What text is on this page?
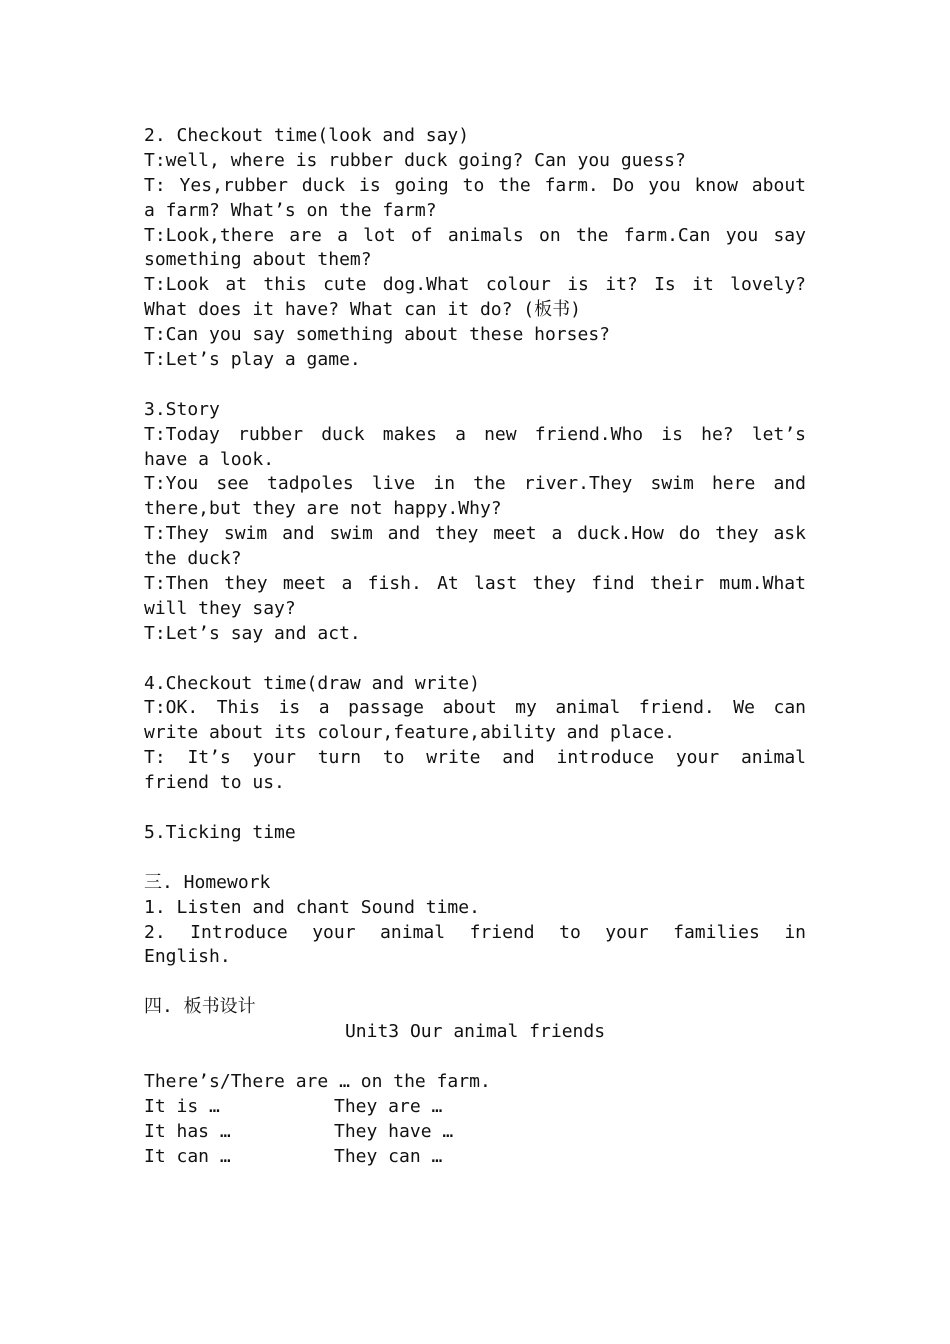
2. Checkout time(look and say)
T:well, where is rubber duck going? Can you guess?
T: Yes,rubber duck is going to the farm. Do you know about
a farm? What’s on the farm?
T:Look,there are a lot of animals on the farm.Can you say
something about them?
T:Look at this cute dog.What colour is it? Is it lovely?
What does it have? What can it do? (板书)
T:Can you say something about these horses?
T:Let’s play a game.
3.Story
T:Today rubber duck makes a new friend.Who is he? let’s
have a look.
T:You see tadpoles live in the river.They swim here and
there,but they are not happy.Why?
T:They swim and swim and they meet a duck.How do they ask
the duck?
T:Then they meet a fish. At last they find their mum.What
will they say?
T:Let’s say and act.
4.Checkout time(draw and write)
T:OK. This is a passage about my animal friend. We can
write about its colour,feature,ability and place.
T: It’s your turn to write and introduce your animal
friend to us.
5.Ticking time
三. Homework
1. Listen and chant Sound time.
2. Introduce your animal friend to your families in
English.
四. 板书设计
Unit3 Our animal friends
There’s/There are … on the farm.
It is …	They are …
It has …	They have …
It can …	They can …
